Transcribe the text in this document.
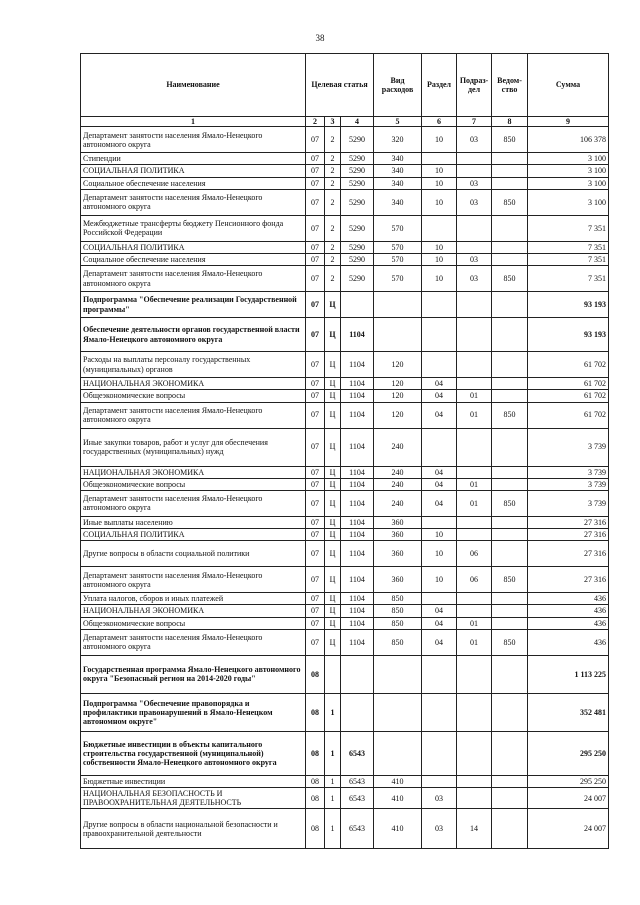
38
Наименование	Целевая статья			Вид расходов	Раздел	Подраз-дел	Ведом-ство	Сумма
1	2	3	4	5	6	7	8	9
Департамент занятости населения Ямало-Ненецкого автономного округа	07	2	5290	320	10	03	850	106 378
Стипендии	07	2	5290	340				3 100
СОЦИАЛЬНАЯ ПОЛИТИКА	07	2	5290	340	10			3 100
Социальное обеспечение населения	07	2	5290	340	10	03		3 100
Департамент занятости населения Ямало-Ненецкого автономного округа	07	2	5290	340	10	03	850	3 100
Межбюджетные трансферты бюджету Пенсионного фонда Российской Федерации	07	2	5290	570				7 351
СОЦИАЛЬНАЯ ПОЛИТИКА	07	2	5290	570	10			7 351
Социальное обеспечение населения	07	2	5290	570	10	03		7 351
Департамент занятости населения Ямало-Ненецкого автономного округа	07	2	5290	570	10	03	850	7 351
Подпрограмма "Обеспечение реализации Государственной программы"	07	Ц						93 193
Обеспечение деятельности органов государственной власти Ямало-Ненецкого автономного округа	07	Ц	1104					93 193
Расходы на выплаты персоналу государственных (муниципальных) органов	07	Ц	1104	120				61 702
НАЦИОНАЛЬНАЯ ЭКОНОМИКА	07	Ц	1104	120	04			61 702
Общеэкономические вопросы	07	Ц	1104	120	04	01		61 702
Департамент занятости населения Ямало-Ненецкого автономного округа	07	Ц	1104	120	04	01	850	61 702
Иные закупки товаров, работ и услуг для обеспечения государственных (муниципальных) нужд	07	Ц	1104	240				3 739
НАЦИОНАЛЬНАЯ ЭКОНОМИКА	07	Ц	1104	240	04			3 739
Общеэкономические вопросы	07	Ц	1104	240	04	01		3 739
Департамент занятости населения Ямало-Ненецкого автономного округа	07	Ц	1104	240	04	01	850	3 739
Иные выплаты населению	07	Ц	1104	360				27 316
СОЦИАЛЬНАЯ ПОЛИТИКА	07	Ц	1104	360	10			27 316
Другие вопросы в области социальной политики	07	Ц	1104	360	10	06		27 316
Департамент занятости населения Ямало-Ненецкого автономного округа	07	Ц	1104	360	10	06	850	27 316
Уплата налогов, сборов и иных платежей	07	Ц	1104	850				436
НАЦИОНАЛЬНАЯ ЭКОНОМИКА	07	Ц	1104	850	04			436
Общеэкономические вопросы	07	Ц	1104	850	04	01		436
Департамент занятости населения Ямало-Ненецкого автономного округа	07	Ц	1104	850	04	01	850	436
Государственная программа Ямало-Ненецкого автономного округа "Безопасный регион на 2014-2020 годы"	08							1 113 225
Подпрограмма "Обеспечение правопорядка и профилактики правонарушений в Ямало-Ненецком автономном округе"	08	1						352 481
Бюджетные инвестиции в объекты капитального строительства государственной (муниципальной) собственности Ямало-Ненецкого автономного округа	08	1	6543					295 250
Бюджетные инвестиции	08	1	6543	410				295 250
НАЦИОНАЛЬНАЯ БЕЗОПАСНОСТЬ И ПРАВООХРАНИТЕЛЬНАЯ ДЕЯТЕЛЬНОСТЬ	08	1	6543	410	03			24 007
Другие вопросы в области национальной безопасности и правоохранительной деятельности	08	1	6543	410	03	14		24 007
